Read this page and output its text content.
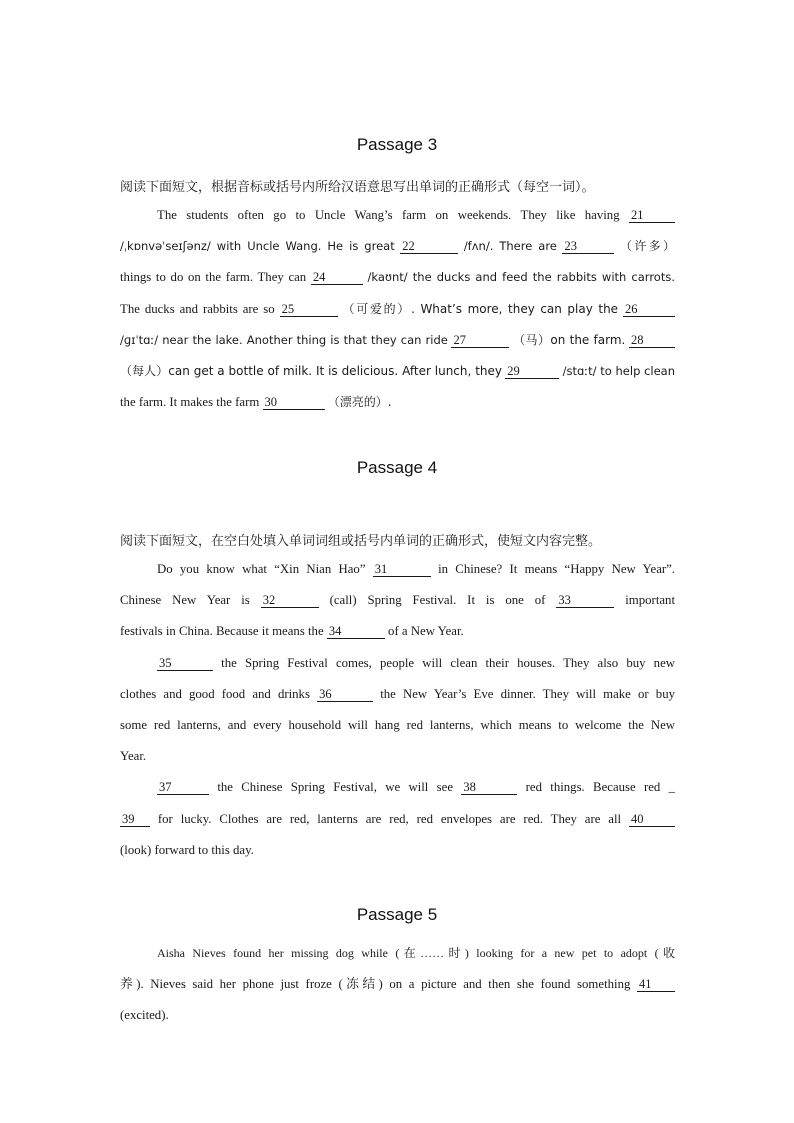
Passage 3
阅读下面短文，根据音标或括号内所给汉语意思写出单词的正确形式（每空一词）。
The students often go to Uncle Wang’s farm on weekends. They like having 21
/ˌkɒnvəˈseɪʃənz/ with Uncle Wang. He is great 22	/fʌn/. There are 23	（许多）
things to do on the farm. They can 24	/kaʊnt/ the ducks and feed the rabbits with carrots.
The ducks and rabbits are so 25	（可爱的）. What’s more, they can play the 26
/ɡɪˈtɑː/ near the lake. Another thing is that they can ride 27	（马）on the farm. 28
（每人）can get a bottle of milk. It is delicious. After lunch, they 29	/stɑːt/ to help clean
the farm. It makes the farm 30	（漂亮的）.
Passage 4
阅读下面短文，在空白处填入单词词组或括号内单词的正确形式，使短文内容完整。
Do you know what “Xin Nian Hao” 31	in Chinese? It means “Happy New Year”.
Chinese New Year is 32	(call) Spring Festival. It is one of 33	important
festivals in China. Because it means the 34	of a New Year.
35	the Spring Festival comes, people will clean their houses. They also buy new
clothes and good food and drinks 36	the New Year’s Eve dinner. They will make or buy
some red lanterns, and every household will hang red lanterns, which means to welcome the New
Year.
37	the Chinese Spring Festival, we will see 38	red things. Because red _
39 for lucky. Clothes are red, lanterns are red, red envelopes are red. They are all 40
(look) forward to this day.
Passage 5
Aisha Nieves found her missing dog while (在……时) looking for a new pet to adopt (收
养). Nieves said her phone just froze (冻结) on a picture and then she found something 41
(excited).
